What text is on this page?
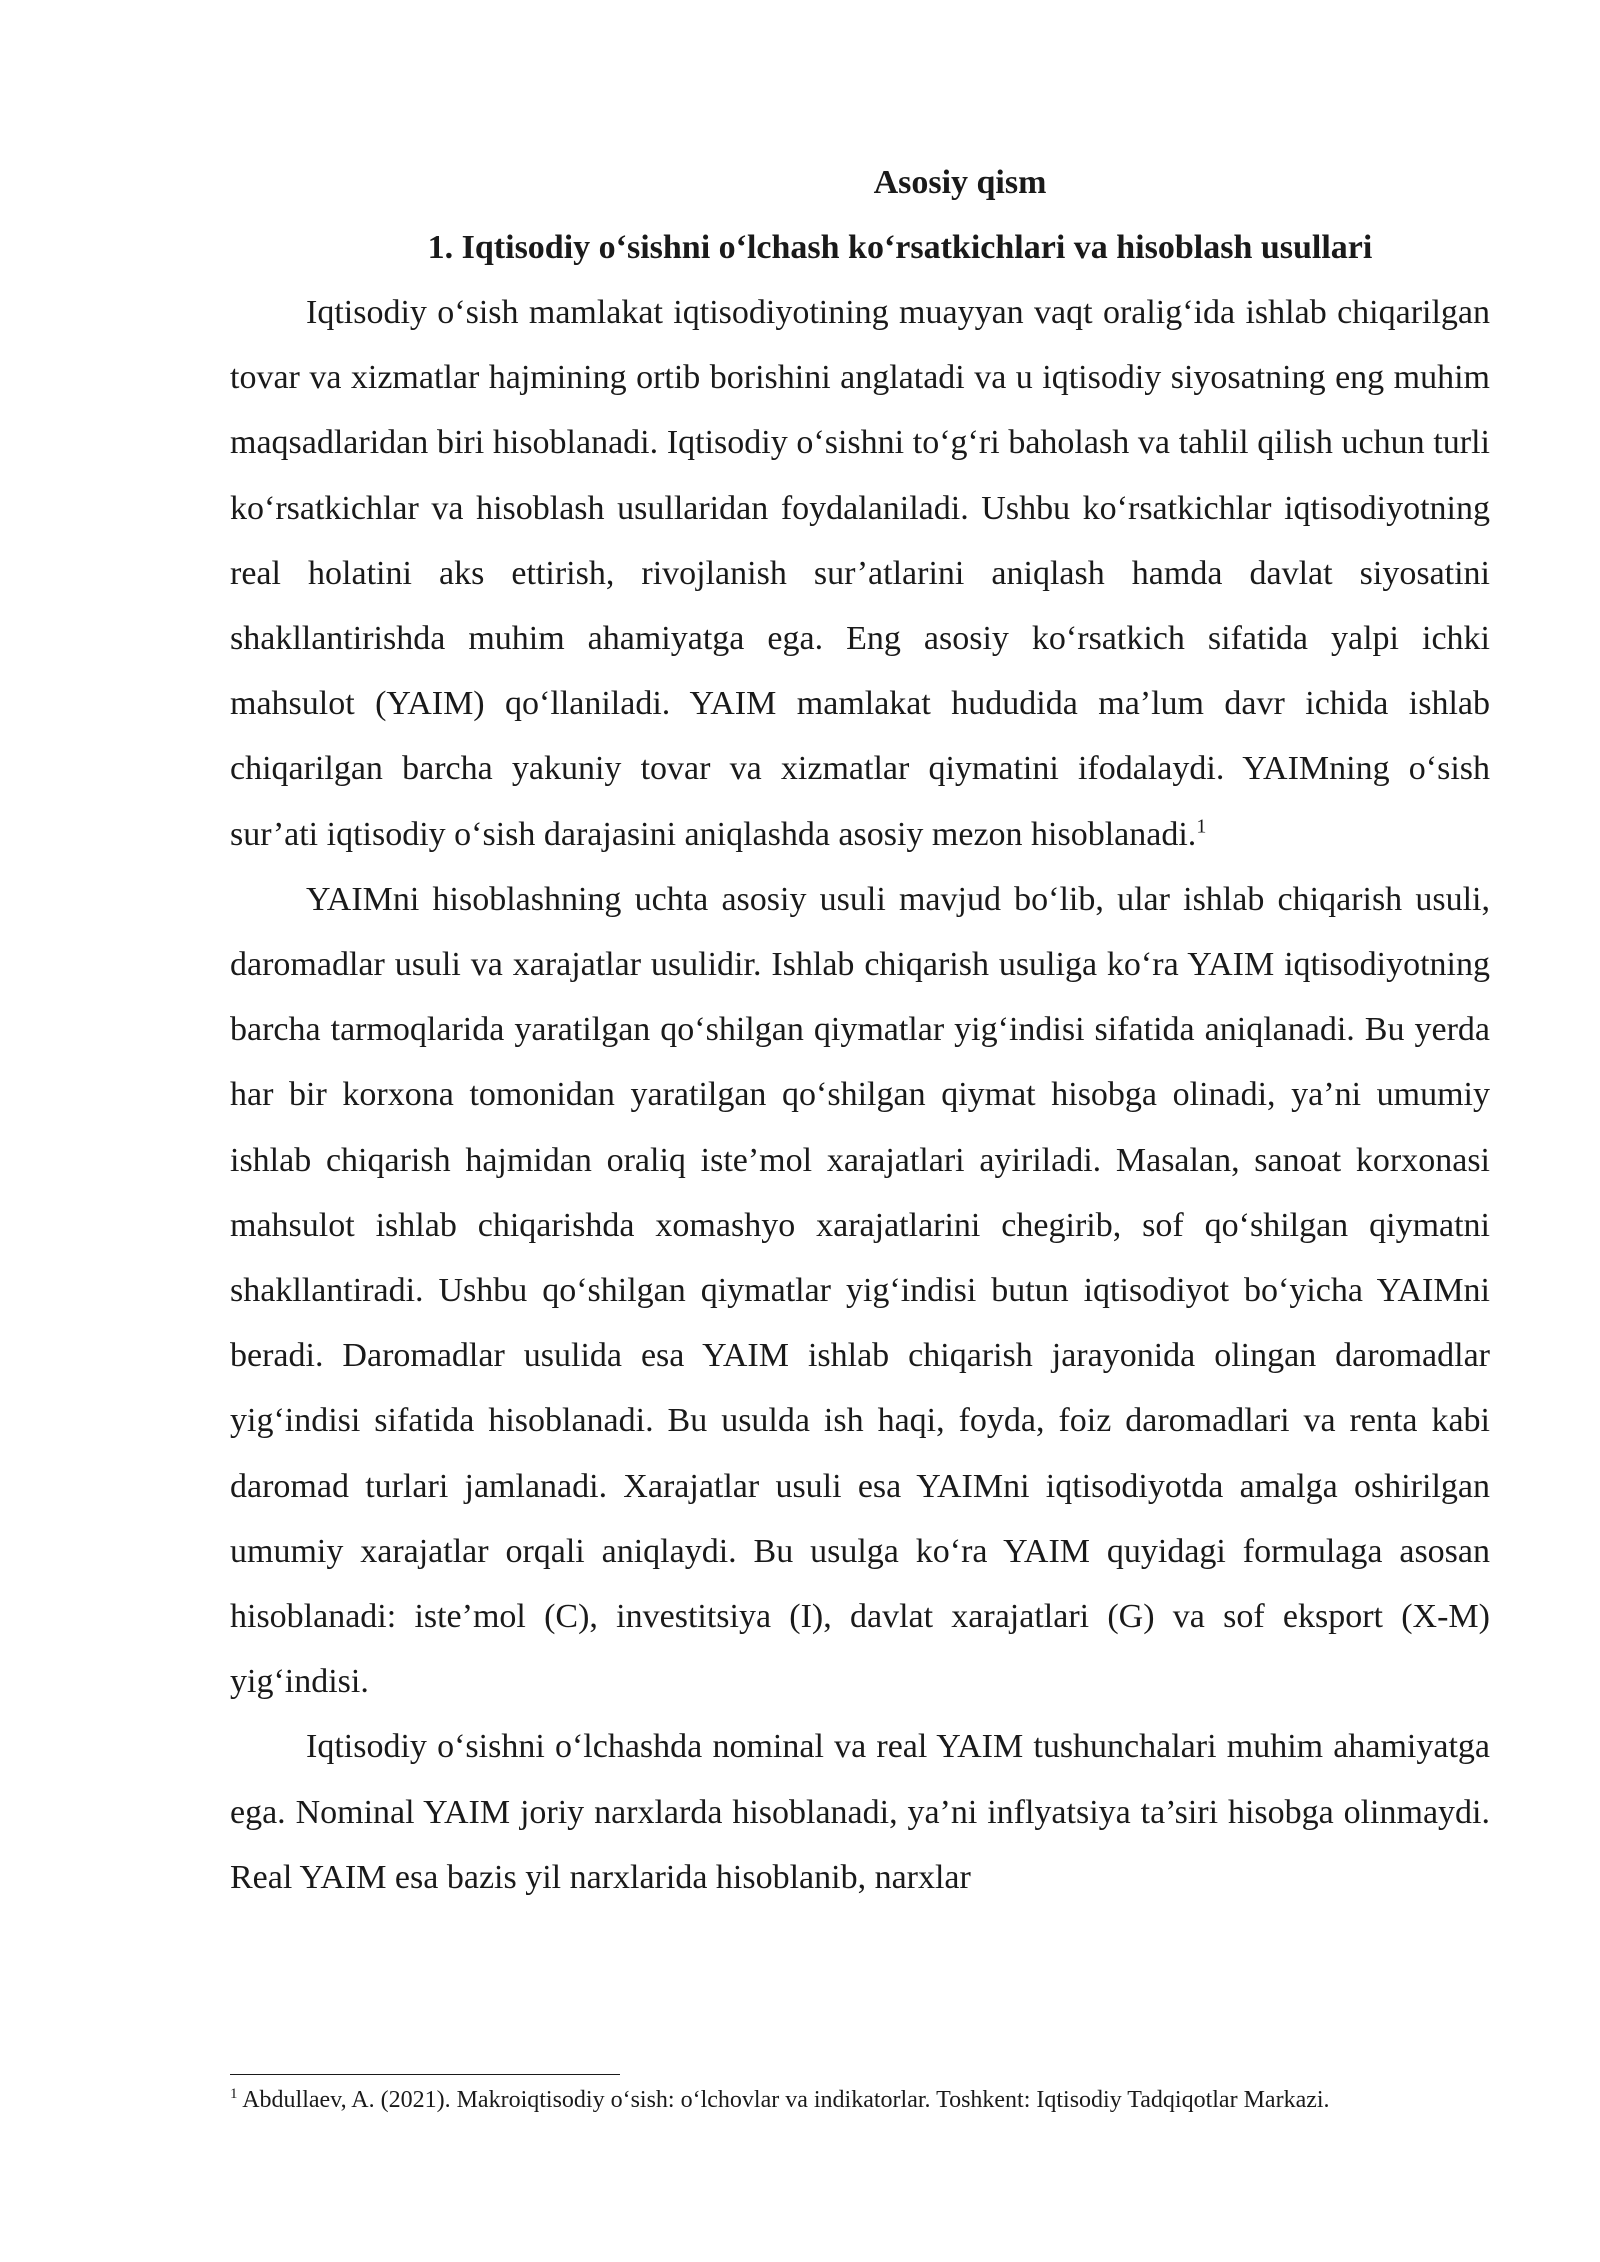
Asosiy qism
1. Iqtisodiy o‘sishni o‘lchash ko‘rsatkichlari va hisoblash usullari

Iqtisodiy o‘sish mamlakat iqtisodiyotining muayyan vaqt oralig‘ida ishlab chiqarilgan tovar va xizmatlar hajmining ortib borishini anglatadi va u iqtisodiy siyosatning eng muhim maqsadlaridan biri hisoblanadi. Iqtisodiy o‘sishni to‘g‘ri baholash va tahlil qilish uchun turli ko‘rsatkichlar va hisoblash usullaridan foydalaniladi. Ushbu ko‘rsatkichlar iqtisodiyotning real holatini aks ettirish, rivojlanish sur’atlarini aniqlash hamda davlat siyosatini shakllantirishda muhim ahamiyatga ega. Eng asosiy ko‘rsatkich sifatida yalpi ichki mahsulot (YAIM) qo‘llaniladi. YAIM mamlakat hududida ma’lum davr ichida ishlab chiqarilgan barcha yakuniy tovar va xizmatlar qiymatini ifodalaydi. YAIMning o‘sish sur’ati iqtisodiy o‘sish darajasini aniqlashda asosiy mezon hisoblanadi.$^1$

YAIMni hisoblashning uchta asosiy usuli mavjud bo‘lib, ular ishlab chiqarish usuli, daromadlar usuli va xarajatlar usulidir. Ishlab chiqarish usuliga ko‘ra YAIM iqtisodiyotning barcha tarmoqlarida yaratilgan qo‘shilgan qiymatlar yig‘indisi sifatida aniqlanadi. Bu yerda har bir korxona tomonidan yaratilgan qo‘shilgan qiymat hisobga olinadi, ya’ni umumiy ishlab chiqarish hajmidan oraliq iste’mol xarajatlari ayiriladi. Masalan, sanoat korxonasi mahsulot ishlab chiqarishda xomashyo xarajatlarini chegirib, sof qo‘shilgan qiymatni shakllantiradi. Ushbu qo‘shilgan qiymatlar yig‘indisi butun iqtisodiyot bo‘yicha YAIMni beradi. Daromadlar usulida esa YAIM ishlab chiqarish jarayonida olingan daromadlar yig‘indisi sifatida hisoblanadi. Bu usulda ish haqi, foyda, foiz daromadlari va renta kabi daromad turlari jamlanadi. Xarajatlar usuli esa YAIMni iqtisodiyotda amalga oshirilgan umumiy xarajatlar orqali aniqlaydi. Bu usulga ko‘ra YAIM quyidagi formulaga asosan hisoblanadi: iste’mol (C), investitsiya (I), davlat xarajatlari (G) va sof eksport (X-M) yig‘indisi.

Iqtisodiy o‘sishni o‘lchashda nominal va real YAIM tushunchalari muhim ahamiyatga ega. Nominal YAIM joriy narxlarda hisoblanadi, ya’ni inflyatsiya ta’siri hisobga olinmaydi. Real YAIM esa bazis yil narxlarida hisoblanib, narxlar

$^1$ Abdullaev, A. (2021). Makroiqtisodiy o‘sish: o‘lchovlar va indikatorlar. Toshkent: Iqtisodiy Tadqiqotlar Markazi.
